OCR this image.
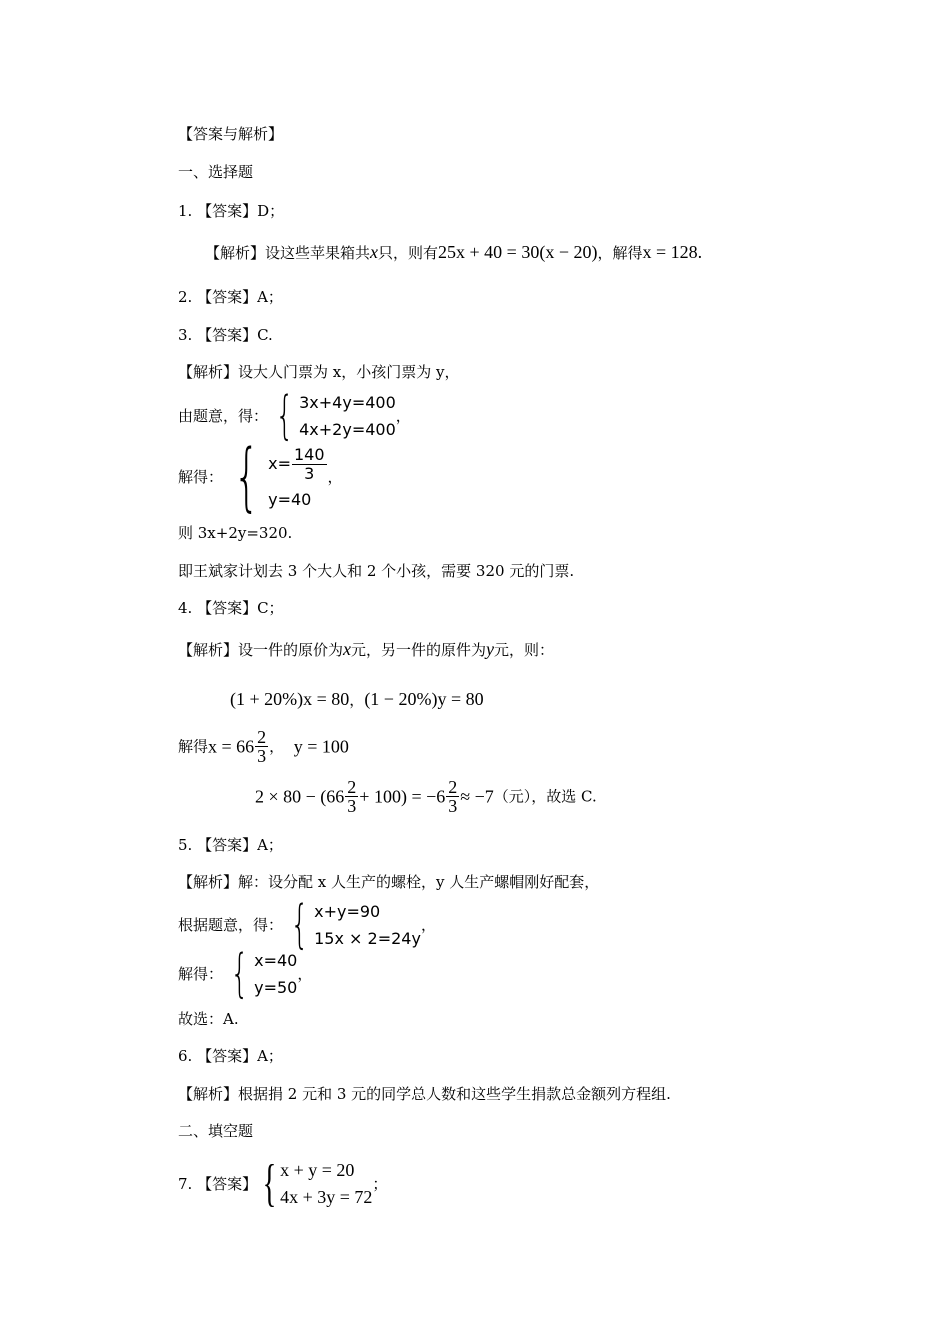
【答案与解析】
一、选择题
1. 【答案】D；
【解析】设这些苹果箱共x只，则有25x + 40 = 30(x − 20)，解得x = 128.
2. 【答案】A；
3. 【答案】C.
【解析】设大人门票为 x，小孩门票为 y，
由题意，得： { 3x+4y=400
4x+2y=400
，
解得： { $x= \frac{140}{3}$
y=40
，
则 3x+2y=320.
即王斌家计划去 3 个大人和 2 个小孩，需要 320 元的门票.
4. 【答案】C；
【解析】设一件的原价为x元，另一件的原件为y元，则：
(1 + 20%)x = 80，(1 − 20%)y = 80
解得$x = 66 \frac{2}{3}$ ， y = 100
$2 \times 80 - (66 \frac{2}{3} + 100) = -6 \frac{2}{3} \approx -7$（元），故选 C.
5. 【答案】A；
【解析】解：设分配 x 人生产的螺栓，y 人生产螺帽刚好配套，
根据题意，得： { x+y=90
15x × 2=24y
，
解得： { x=40
y=50
，
故选：A.
6. 【答案】A；
【解析】根据捐 2 元和 3 元的同学总人数和这些学生捐款总金额列方程组.
二、填空题
7. 【答案】 { x + y = 20
4x + 3y = 72
；
